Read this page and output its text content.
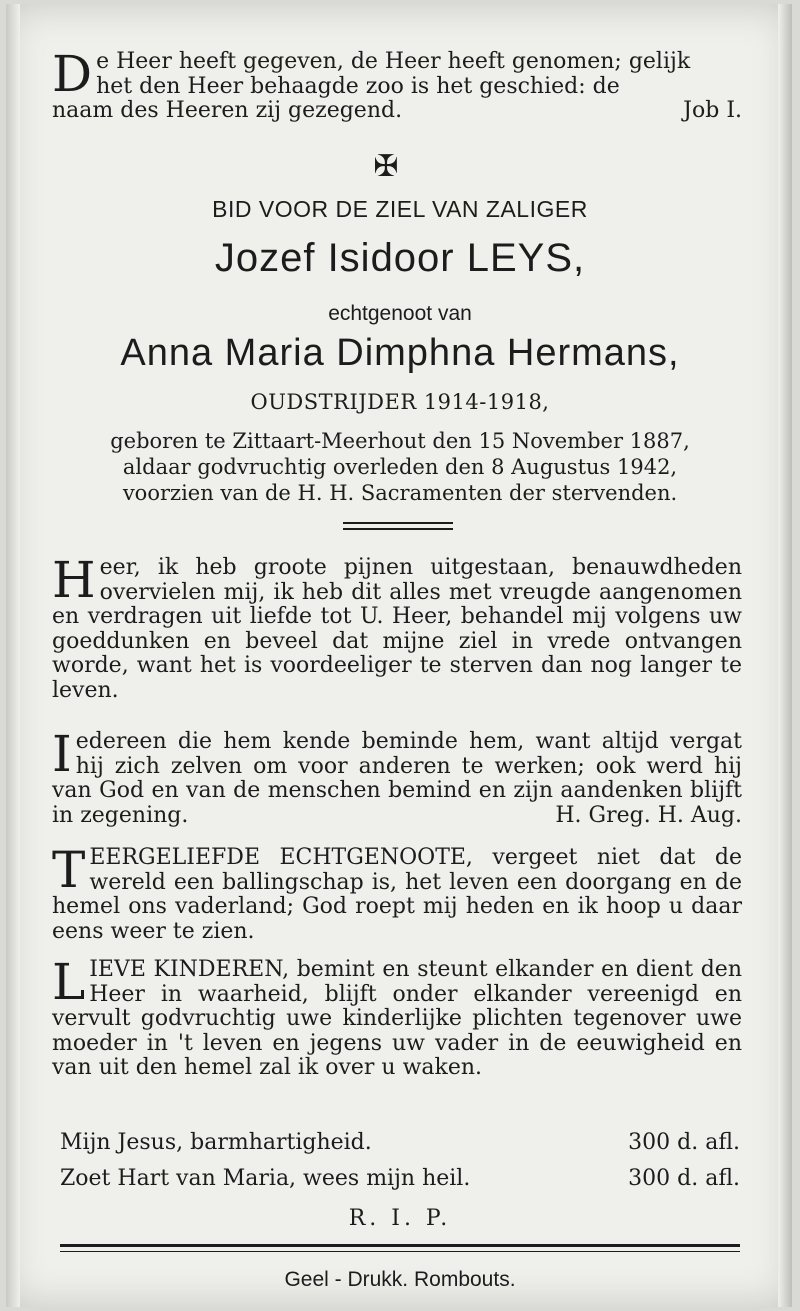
D e Heer heeft gegeven, de Heer heeft genomen; gelijk
het den Heer behaagde zoo is het geschied: de
naam des Heeren zij gezegend.	Job I.
✠
BID VOOR DE ZIEL VAN ZALIGER
Jozef Isidoor LEYS,
echtgenoot van
Anna Maria Dimphna Hermans,
OUDSTRIJDER 1914-1918,
geboren te Zittaart-Meerhout den 15 November 1887,
aldaar godvruchtig overleden den 8 Augustus 1942,
voorzien van de H. H. Sacramenten der stervenden.
Heer, ik heb groote pijnen uitgestaan, benauwdheden overvielen mij, ik heb dit alles met vreugde aangenomen en verdragen uit liefde tot U. Heer, behandel mij volgens uw goeddunken en beveel dat mijne ziel in vrede ontvangen worde, want het is voordeeliger te sterven dan nog langer te leven.
Iedereen die hem kende beminde hem, want altijd vergat hij zich zelven om voor anderen te werken; ook werd hij van God en van de menschen bemind en zijn aandenken blijft in zegening.	H. Greg. H. Aug.
TEERGELIEFDE ECHTGENOOTE, vergeet niet dat de wereld een ballingschap is, het leven een doorgang en de hemel ons vaderland; God roept mij heden en ik hoop u daar eens weer te zien.
LIEVE KINDEREN, bemint en steunt elkander en dient den Heer in waarheid, blijft onder elkander vereenigd en vervult godvruchtig uwe kinderlijke plichten tegenover uwe moeder in 't leven en jegens uw vader in de eeuwigheid en van uit den hemel zal ik over u waken.
Mijn Jesus, barmhartigheid.	300 d. afl.
Zoet Hart van Maria, wees mijn heil.	300 d. afl.
R. I. P.
Geel - Drukk. Rombouts.
